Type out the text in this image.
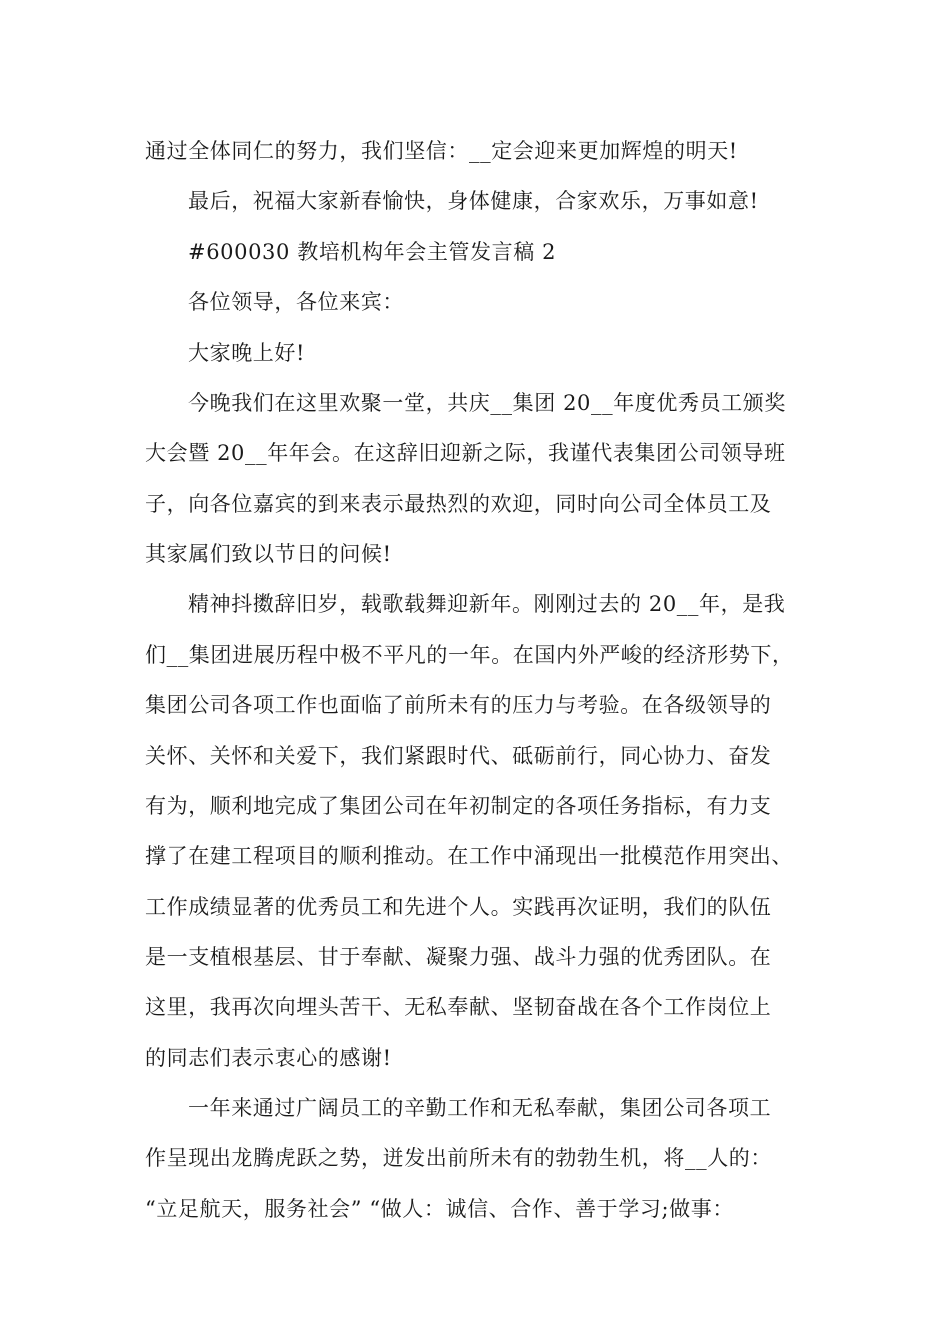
通过全体同仁的努力，我们坚信：__定会迎来更加辉煌的明天!
最后，祝福大家新春愉快，身体健康，合家欢乐，万事如意!
#600030 教培机构年会主管发言稿 2
各位领导，各位来宾：
大家晚上好!
今晚我们在这里欢聚一堂，共庆__集团 20__年度优秀员工颁奖
大会暨 20__年年会。在这辞旧迎新之际，我谨代表集团公司领导班
子，向各位嘉宾的到来表示最热烈的欢迎，同时向公司全体员工及
其家属们致以节日的问候!
精神抖擞辞旧岁，载歌载舞迎新年。刚刚过去的 20__年，是我
们__集团进展历程中极不平凡的一年。在国内外严峻的经济形势下，
集团公司各项工作也面临了前所未有的压力与考验。在各级领导的
关怀、关怀和关爱下，我们紧跟时代、砥砺前行，同心协力、奋发
有为，顺利地完成了集团公司在年初制定的各项任务指标，有力支
撑了在建工程项目的顺利推动。在工作中涌现出一批模范作用突出、
工作成绩显著的优秀员工和先进个人。实践再次证明，我们的队伍
是一支植根基层、甘于奉献、凝聚力强、战斗力强的优秀团队。在
这里，我再次向埋头苦干、无私奉献、坚韧奋战在各个工作岗位上
的同志们表示衷心的感谢!
一年来通过广阔员工的辛勤工作和无私奉献，集团公司各项工
作呈现出龙腾虎跃之势，迸发出前所未有的勃勃生机，将__人的：
“立足航天，服务社会” “做人：诚信、合作、善于学习;做事：
